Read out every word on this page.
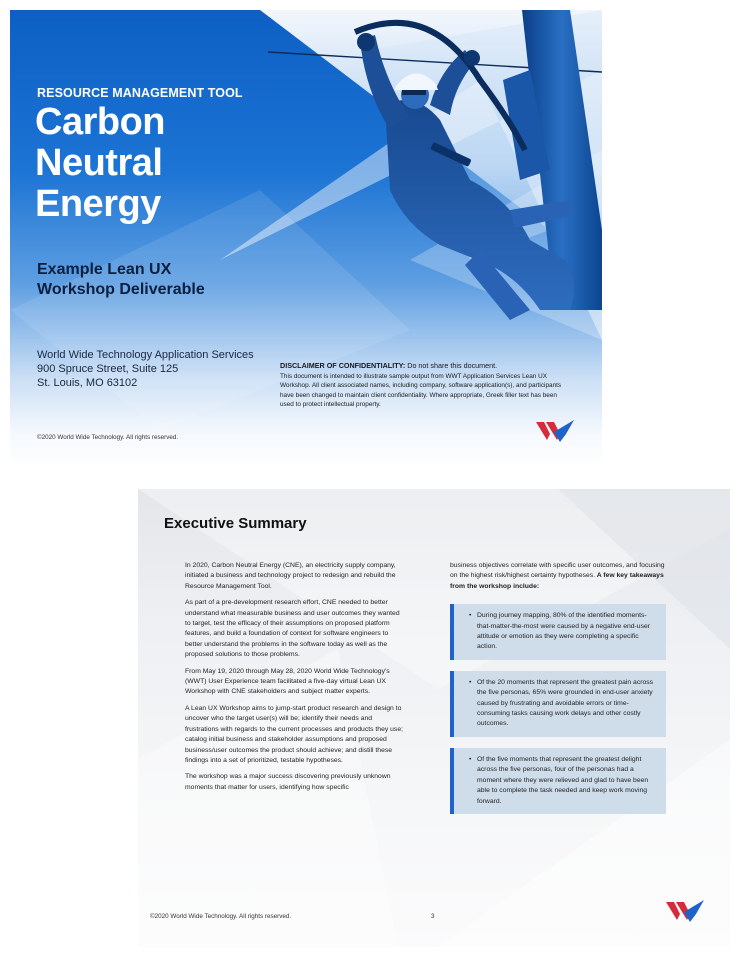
RESOURCE MANAGEMENT TOOL

Carbon
Neutral
Energy
Example Lean UX
Workshop Deliverable

World Wide Technology Application Services
900 Spruce Street, Suite 125
St. Louis, MO 63102

DISCLAIMER OF CONFIDENTIALITY: Do not share this document.
This document is intended to illustrate sample output from WWT Application Services Lean UX Workshop. All client associated names, including company, software application(s), and participants have been changed to maintain client confidentiality. Where appropriate, Greek filler text has been used to protect intellectual property.

©2020 World Wide Technology. All rights reserved.

Executive Summary

In 2020, Carbon Neutral Energy (CNE), an electricity supply company, initiated a business and technology project to redesign and rebuild the Resource Management Tool.

As part of a pre-development research effort, CNE needed to better understand what measurable business and user outcomes they wanted to target, test the efficacy of their assumptions on proposed platform features, and build a foundation of context for software engineers to better understand the problems in the software today as well as the proposed solutions to those problems.

From May 19, 2020 through May 28, 2020 World Wide Technology's (WWT) User Experience team facilitated a five-day virtual Lean UX Workshop with CNE stakeholders and subject matter experts.

A Lean UX Workshop aims to jump-start product research and design to uncover who the target user(s) will be; identify their needs and frustrations with regards to the current processes and products they use; catalog initial business and stakeholder assumptions and proposed business/user outcomes the product should achieve; and distill these findings into a set of prioritized, testable hypotheses.

The workshop was a major success discovering previously unknown moments that matter for users, identifying how specific

business objectives correlate with specific user outcomes, and focusing on the highest risk/highest certainty hypotheses. A few key takeaways from the workshop include:

• During journey mapping, 80% of the identified moments-that-matter-the-most were caused by a negative end-user attitude or emotion as they were completing a specific action.
• Of the 20 moments that represent the greatest pain across the five personas, 65% were grounded in end-user anxiety caused by frustrating and avoidable errors or time-consuming tasks causing work delays and other costly outcomes.
• Of the five moments that represent the greatest delight across the five personas, four of the personas had a moment where they were relieved and glad to have been able to complete the task needed and keep work moving forward.

©2020 World Wide Technology. All rights reserved.	3
